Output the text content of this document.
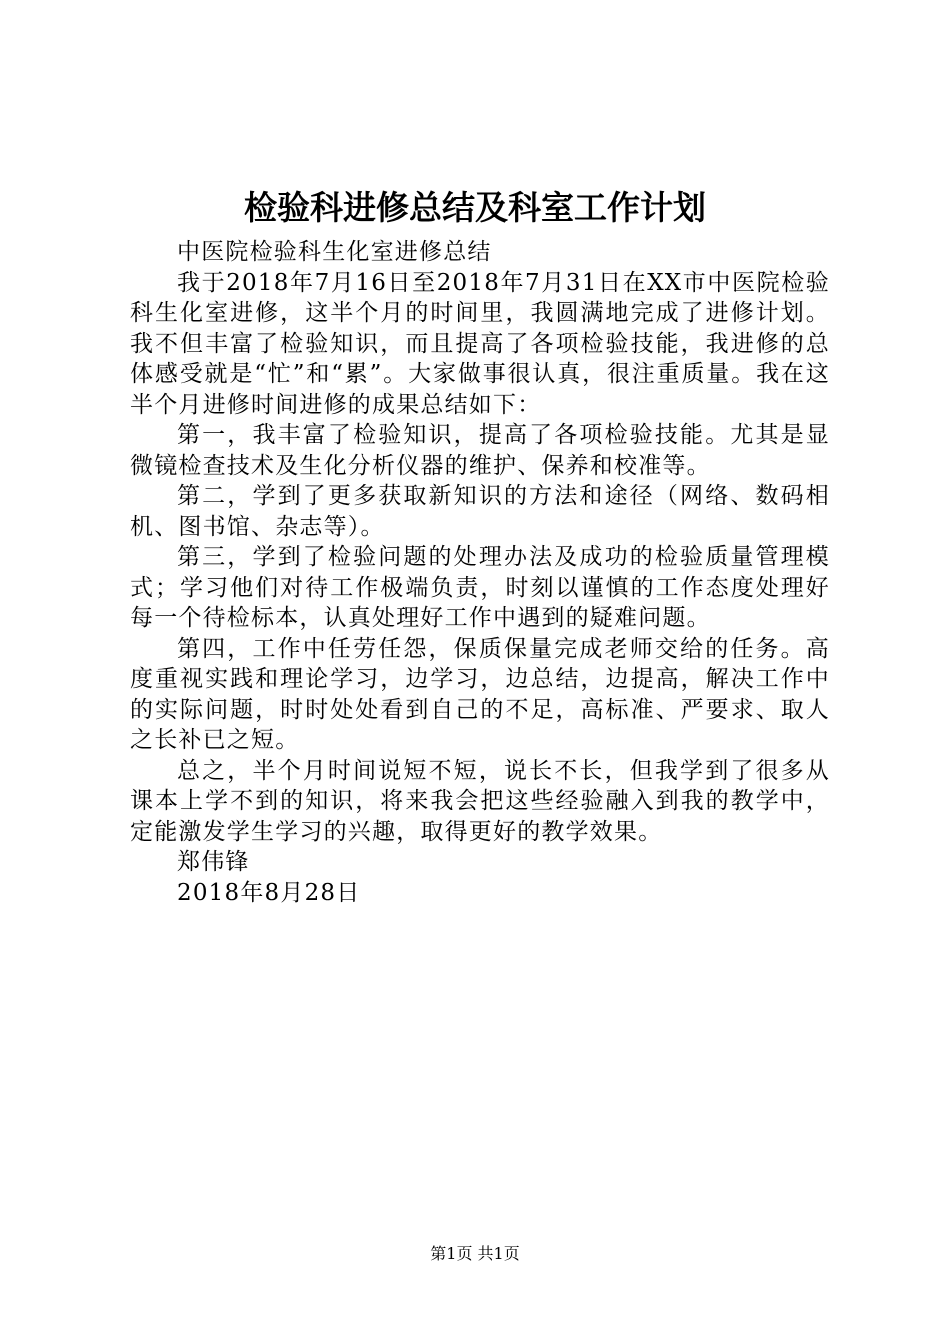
检验科进修总结及科室工作计划

中医院检验科生化室进修总结

我于2018年7月16日至2018年7月31日在XX市中医院检验科生化室进修，这半个月的时间里，我圆满地完成了进修计划。我不但丰富了检验知识，而且提高了各项检验技能，我进修的总体感受就是“忙”和“累”。大家做事很认真，很注重质量。我在这半个月进修时间进修的成果总结如下：

第一，我丰富了检验知识，提高了各项检验技能。尤其是显微镜检查技术及生化分析仪器的维护、保养和校准等。

第二，学到了更多获取新知识的方法和途径（网络、数码相机、图书馆、杂志等）。

第三，学到了检验问题的处理办法及成功的检验质量管理模式；学习他们对待工作极端负责，时刻以谨慎的工作态度处理好每一个待检标本，认真处理好工作中遇到的疑难问题。

第四，工作中任劳任怨，保质保量完成老师交给的任务。高度重视实践和理论学习，边学习，边总结，边提高，解决工作中的实际问题，时时处处看到自己的不足，高标准、严要求、取人之长补已之短。

总之，半个月时间说短不短，说长不长，但我学到了很多从课本上学不到的知识，将来我会把这些经验融入到我的教学中，定能激发学生学习的兴趣，取得更好的教学效果。

郑伟锋

2018年8月28日

第1页 共1页
